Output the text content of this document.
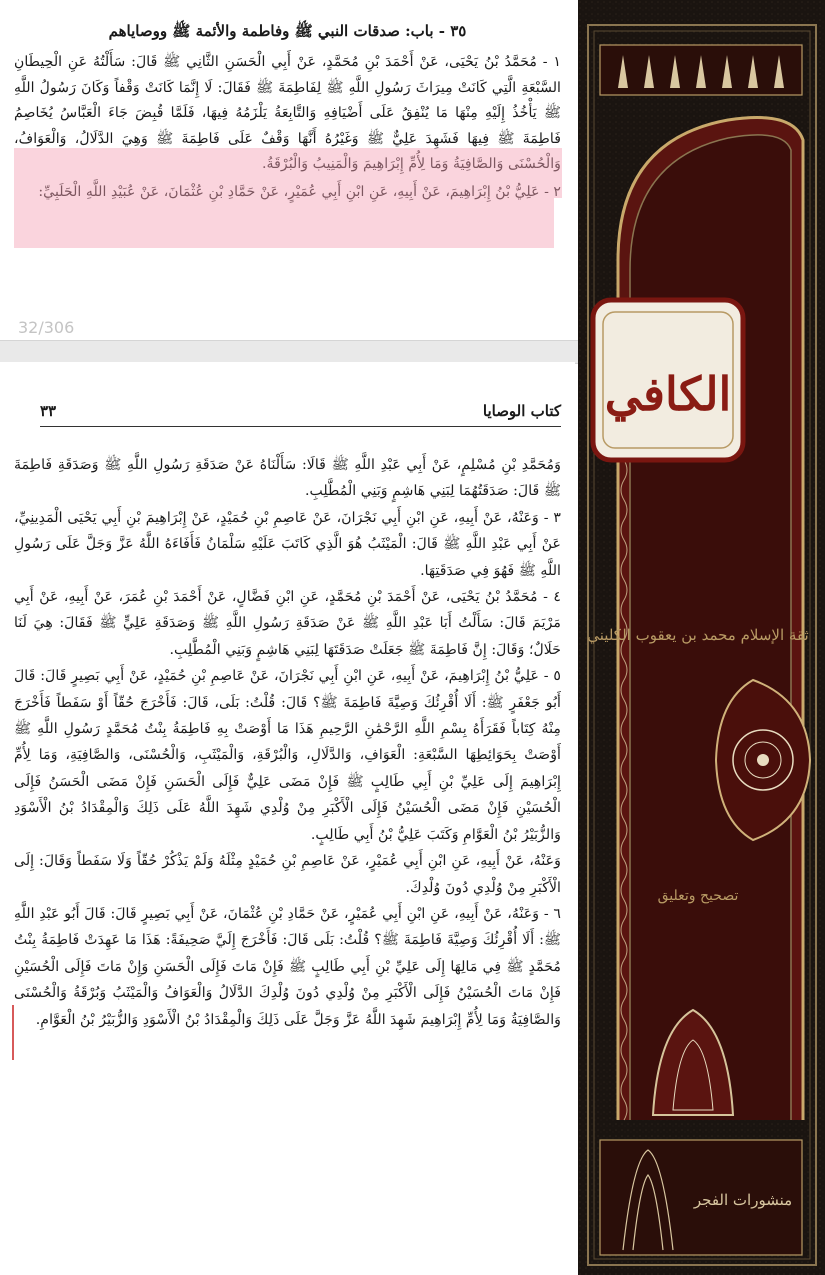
٣٥ - باب: صدقات النبي ﷺ وفاطمة والأئمة ﷺ ووصاياهم

١ - مُحَمَّدُ بْنُ يَحْيَى، عَنْ أَحْمَدَ بْنِ مُحَمَّدٍ، عَنْ أَبِي الْحَسَنِ الثَّانِي ﷺ قَالَ: سَأَلْتُهُ عَنِ الْحِيطَانِ السَّبْعَةِ الَّتِي كَانَتْ مِيرَاثَ رَسُولِ اللَّهِ ﷺ لِفَاطِمَةَ ﷺ فَقَالَ: لَا إِنَّمَا كَانَتْ وَقْفاً وَكَانَ رَسُولُ اللَّهِ ﷺ يَأْخُذُ إِلَيْهِ مِنْهَا مَا يُنْفِقُ عَلَى أَضْيَافِهِ وَالتَّابِعَةُ يَلْزَمُهُ فِيهَا، فَلَمَّا قُبِضَ جَاءَ الْعَبَّاسُ يُخَاصِمُ فَاطِمَةَ ﷺ فِيهَا فَشَهِدَ عَلِيٌّ ﷺ وَغَيْرُهُ أَنَّهَا وَقْفٌ عَلَى فَاطِمَةَ ﷺ وَهِيَ الدَّلَالُ، وَالْعَوَافُ، وَالْحُسْنَى وَالصَّافِيَةُ وَمَا لِأُمِّ إِبْرَاهِيمَ وَالْمَنِيبُ وَالْبُرْقَةُ.

٢ - عَلِيُّ بْنُ إِبْرَاهِيمَ، عَنْ أَبِيهِ، عَنِ ابْنِ أَبِي عُمَيْرٍ، عَنْ حَمَّادِ بْنِ عُثْمَانَ، عَنْ عُبَيْدِ اللَّهِ الْحَلَبِيِّ:

32/306
كتاب الوصايا
٣٣

وَمُحَمَّدِ بْنِ مُسْلِمٍ، عَنْ أَبِي عَبْدِ اللَّهِ ﷺ قَالَا: سَأَلْنَاهُ عَنْ صَدَقَةِ رَسُولِ اللَّهِ ﷺ وَصَدَقَةِ فَاطِمَةَ ﷺ قَالَ: صَدَقَتُهُمَا لِبَنِي هَاشِمٍ وَبَنِي الْمُطَّلِبِ.

٣ - وَعَنْهُ، عَنْ أَبِيهِ، عَنِ ابْنِ أَبِي نَجْرَانَ، عَنْ عَاصِمِ بْنِ حُمَيْدٍ، عَنْ إِبْرَاهِيمَ بْنِ أَبِي يَحْيَى الْمَدِينِيِّ، عَنْ أَبِي عَبْدِ اللَّهِ ﷺ قَالَ: الْمَيْثَبُ هُوَ الَّذِي كَاتَبَ عَلَيْهِ سَلْمَانُ فَأَفَاءَهُ اللَّهُ عَزَّ وَجَلَّ عَلَى رَسُولِ اللَّهِ ﷺ فَهُوَ فِي صَدَقَتِهَا.

٤ - مُحَمَّدُ بْنُ يَحْيَى، عَنْ أَحْمَدَ بْنِ مُحَمَّدٍ، عَنِ ابْنِ فَضَّالٍ، عَنْ أَحْمَدَ بْنِ عُمَرَ، عَنْ أَبِيهِ، عَنْ أَبِي مَرْيَمَ قَالَ: سَأَلْتُ أَبَا عَبْدِ اللَّهِ ﷺ عَنْ صَدَقَةِ رَسُولِ اللَّهِ ﷺ وَصَدَقَةِ عَلِيٍّ ﷺ فَقَالَ: هِيَ لَنَا حَلَالٌ؛ وَقَالَ: إِنَّ فَاطِمَةَ ﷺ جَعَلَتْ صَدَقَتَهَا لِبَنِي هَاشِمٍ وَبَنِي الْمُطَّلِبِ.

٥ - عَلِيُّ بْنُ إِبْرَاهِيمَ، عَنْ أَبِيهِ، عَنِ ابْنِ أَبِي نَجْرَانَ، عَنْ عَاصِمِ بْنِ حُمَيْدٍ، عَنْ أَبِي بَصِيرٍ قَالَ: قَالَ أَبُو جَعْفَرٍ ﷺ: أَلَا أُقْرِئُكَ وَصِيَّةَ فَاطِمَةَ ﷺ؟ قَالَ: قُلْتُ: بَلَى، قَالَ: فَأَخْرَجَ حُقّاً أَوْ سَفَطاً فَأَخْرَجَ مِنْهُ كِتَاباً فَقَرَأَهُ بِسْمِ اللَّهِ الرَّحْمَٰنِ الرَّحِيمِ هَذَا مَا أَوْصَتْ بِهِ فَاطِمَةُ بِنْتُ مُحَمَّدٍ رَسُولِ اللَّهِ ﷺ أَوْصَتْ بِحَوَائِطِهَا السَّبْعَةِ: الْعَوَافِ، وَالدَّلَالِ، وَالْبُرْقَةِ، وَالْمَيْثَبِ، وَالْحُسْنَى، وَالصَّافِيَةِ، وَمَا لِأُمِّ إِبْرَاهِيمَ إِلَى عَلِيِّ بْنِ أَبِي طَالِبٍ ﷺ فَإِنْ مَضَى عَلِيٌّ فَإِلَى الْحَسَنِ فَإِنْ مَضَى الْحَسَنُ فَإِلَى الْحُسَيْنِ فَإِنْ مَضَى الْحُسَيْنُ فَإِلَى الْأَكْبَرِ مِنْ وُلْدِي شَهِدَ اللَّهُ عَلَى ذَلِكَ وَالْمِقْدَادُ بْنُ الْأَسْوَدِ وَالزُّبَيْرُ بْنُ الْعَوَّامِ وَكَتَبَ عَلِيُّ بْنُ أَبِي طَالِبٍ.

وَعَنْهُ، عَنْ أَبِيهِ، عَنِ ابْنِ أَبِي عُمَيْرٍ، عَنْ عَاصِمِ بْنِ حُمَيْدٍ مِثْلَهُ وَلَمْ يَذْكُرْ حُقّاً وَلَا سَفَطاً وَقَالَ: إِلَى الْأَكْبَرِ مِنْ وُلْدِي دُونَ وُلْدِكَ.

٦ - وَعَنْهُ، عَنْ أَبِيهِ، عَنِ ابْنِ أَبِي عُمَيْرٍ، عَنْ حَمَّادِ بْنِ عُثْمَانَ، عَنْ أَبِي بَصِيرٍ قَالَ: قَالَ أَبُو عَبْدِ اللَّهِ ﷺ: أَلَا أُقْرِئُكَ وَصِيَّةَ فَاطِمَةَ ﷺ؟ قُلْتُ: بَلَى قَالَ: فَأَخْرَجَ إِلَيَّ صَحِيفَةً: هَذَا مَا عَهِدَتْ فَاطِمَةُ بِنْتُ مُحَمَّدٍ ﷺ فِي مَالِهَا إِلَى عَلِيِّ بْنِ أَبِي طَالِبٍ ﷺ فَإِنْ مَاتَ فَإِلَى الْحَسَنِ وَإِنْ مَاتَ فَإِلَى الْحُسَيْنِ فَإِنْ مَاتَ الْحُسَيْنُ فَإِلَى الْأَكْبَرِ مِنْ وُلْدِي دُونَ وُلْدِكَ الدَّلَالُ وَالْعَوَافُ وَالْمَيْثَبُ وَبُرْقَةُ وَالْحُسْنَى وَالصَّافِيَةُ وَمَا لِأُمِّ إِبْرَاهِيمَ شَهِدَ اللَّهُ عَزَّ وَجَلَّ عَلَى ذَلِكَ وَالْمِقْدَادُ بْنُ الْأَسْوَدِ وَالزُّبَيْرُ بْنُ الْعَوَّامِ.

الكافي
ثقة الإسلام محمد بن يعقوب الكليني
تصحيح وتعليق
منشورات الفجر
